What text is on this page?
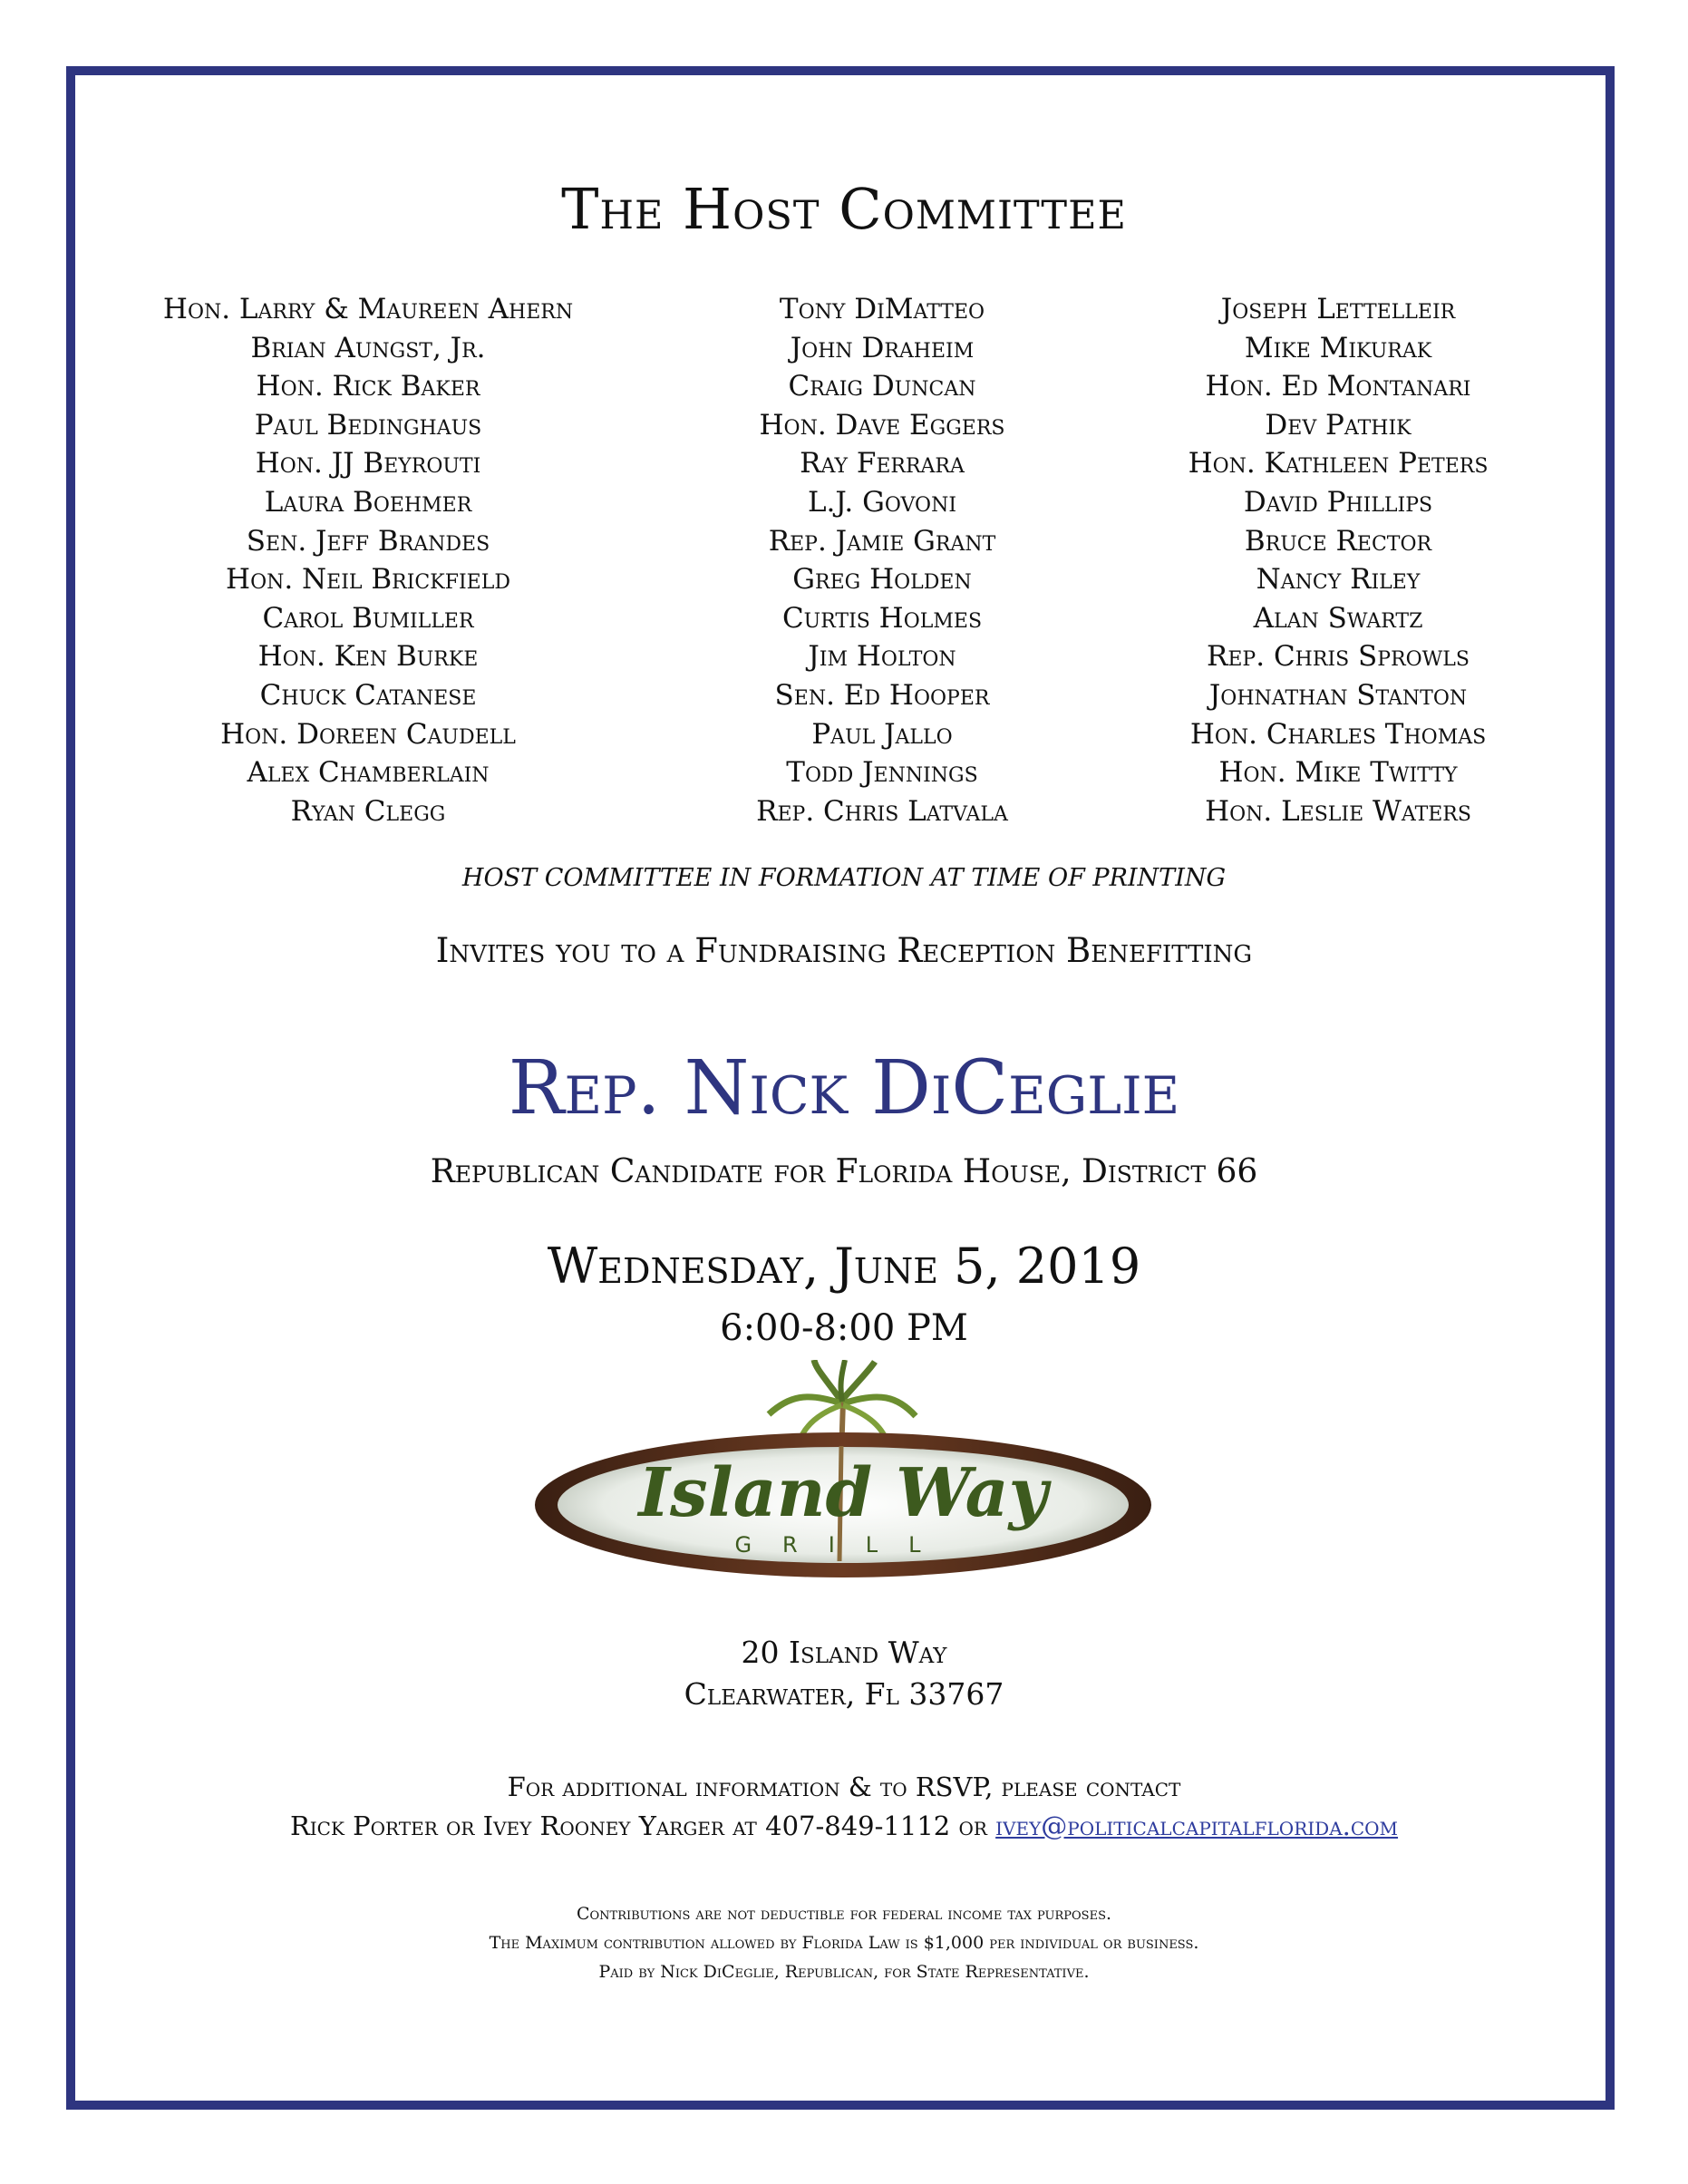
The Host Committee
Hon. Larry & Maureen Ahern
Brian Aungst, Jr.
Hon. Rick Baker
Paul Bedinghaus
Hon. JJ Beyrouti
Laura Boehmer
Sen. Jeff Brandes
Hon. Neil Brickfield
Carol Bumiller
Hon. Ken Burke
Chuck Catanese
Hon. Doreen Caudell
Alex Chamberlain
Ryan Clegg
Tony DiMatteo
John Draheim
Craig Duncan
Hon. Dave Eggers
Ray Ferrara
L.J. Govoni
Rep. Jamie Grant
Greg Holden
Curtis Holmes
Jim Holton
Sen. Ed Hooper
Paul Jallo
Todd Jennings
Rep. Chris Latvala
Joseph Lettelleir
Mike Mikurak
Hon. Ed Montanari
Dev Pathik
Hon. Kathleen Peters
David Phillips
Bruce Rector
Nancy Riley
Alan Swartz
Rep. Chris Sprowls
Johnathan Stanton
Hon. Charles Thomas
Hon. Mike Twitty
Hon. Leslie Waters
HOST COMMITTEE IN FORMATION AT TIME OF PRINTING
Invites you to a Fundraising Reception Benefitting
Rep. Nick DiCeglie
Republican Candidate for Florida House, District 66
Wednesday, June 5, 2019
6:00-8:00 PM
Island Way
GRILL
20 Island Way
Clearwater, Fl 33767
For additional information & to RSVP, please contact
Rick Porter or Ivey Rooney Yarger at 407-849-1112 or ivey@politicalcapitalflorida.com
Contributions are not deductible for federal income tax purposes.
The Maximum contribution allowed by Florida Law is $1,000 per individual or business.
Paid by Nick DiCeglie, Republican, for State Representative.
